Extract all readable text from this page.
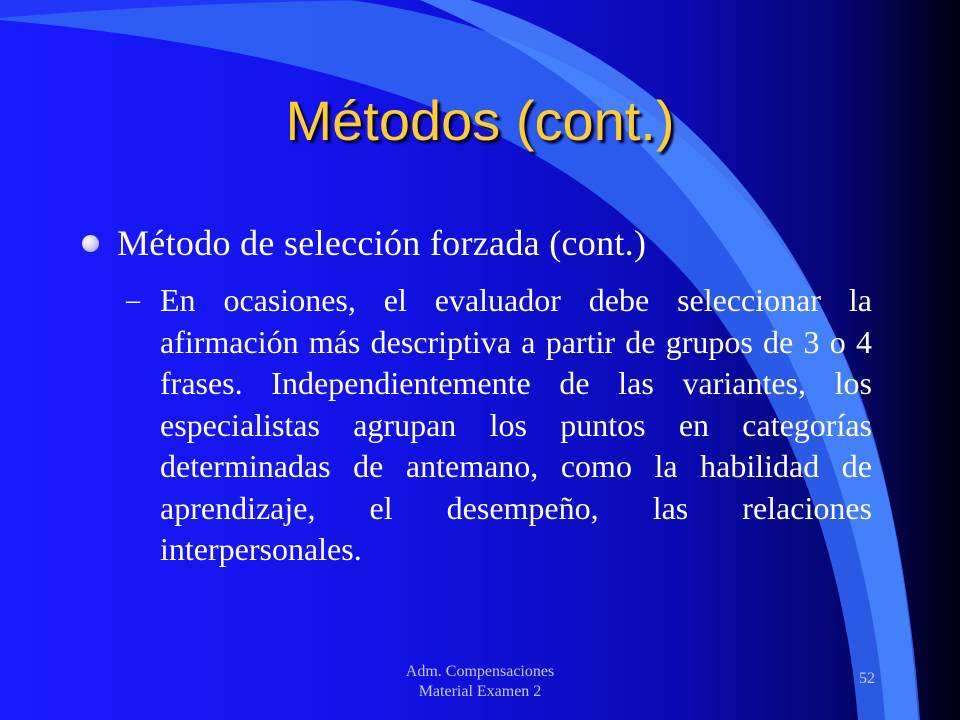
Métodos (cont.)
Método de selección forzada (cont.)
– En ocasiones, el evaluador debe seleccionar la afirmación más descriptiva a partir de grupos de 3 o 4 frases. Independientemente de las variantes, los especialistas agrupan los puntos en categorías determinadas de antemano, como la habilidad de aprendizaje, el desempeño, las relaciones interpersonales.
Adm. Compensaciones
Material Examen 2
52
